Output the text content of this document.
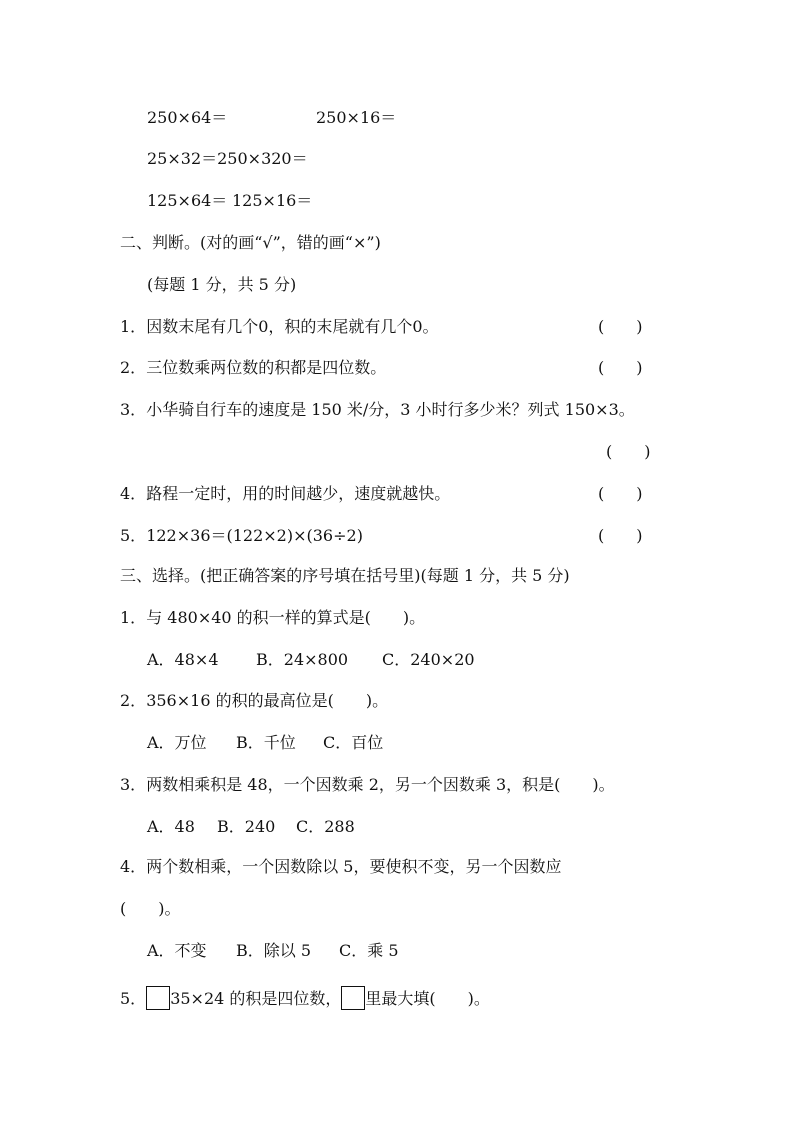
250×64＝	250×16＝
25×32＝250×320＝
125×64＝ 125×16＝
二、判断。(对的画“√”，错的画“×”)
(每题 1 分，共 5 分)
1．因数末尾有几个0，积的末尾就有几个0。	(　　)
2．三位数乘两位数的积都是四位数。	(　　)
3．小华骑自行车的速度是 150 米/分，3 小时行多少米？列式 150×3。
(　　)
4．路程一定时，用的时间越少，速度就越快。	(　　)
5．122×36＝(122×2)×(36÷2)	(　　)
三、选择。(把正确答案的序号填在括号里)(每题 1 分，共 5 分)
1．与 480×40 的积一样的算式是(　　)。
A．48×4 B．24×800 C．240×20
2．356×16 的积的最高位是(　　)。
A．万位 B．千位 C．百位
3．两数相乘积是 48，一个因数乘 2，另一个因数乘 3，积是(　　)。
A．48 B．240 C．288
4．两个数相乘，一个因数除以 5，要使积不变，另一个因数应
(　　)。
A．不变 B．除以 5 C．乘 5
5． 35×24 的积是四位数， 里最大填(　　)。
